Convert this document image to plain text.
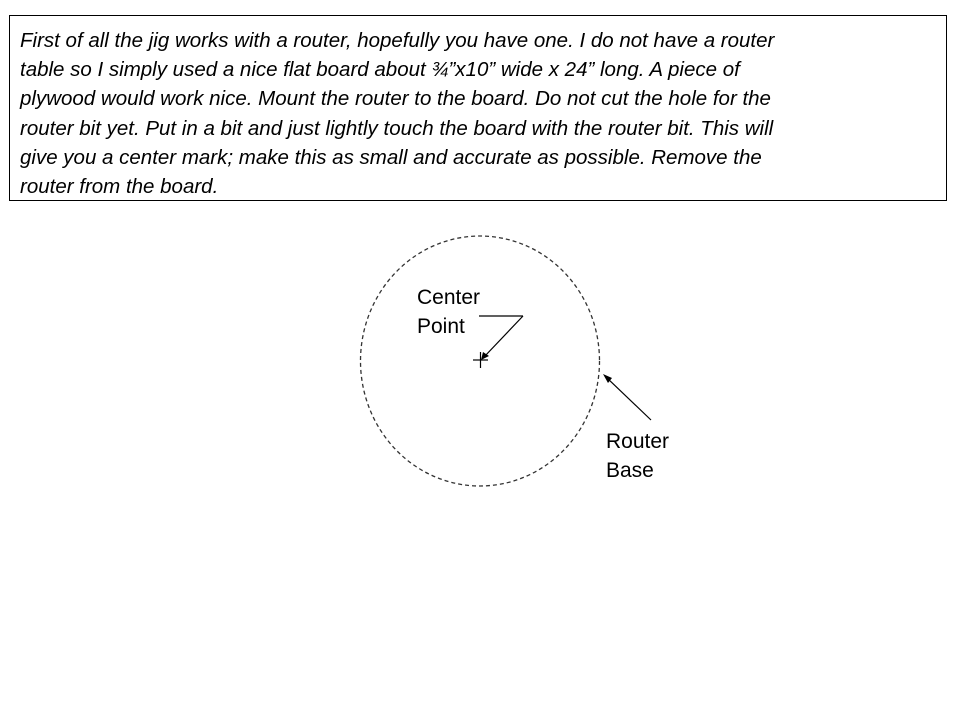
First of all the jig works with a router, hopefully you have one. I do not have a router
table so I simply used a nice flat board about ¾”x10” wide x 24” long. A piece of
plywood would work nice. Mount the router to the board. Do not cut the hole for the
router bit yet. Put in a bit and just lightly touch the board with the router bit. This will
give you a center mark; make this as small and accurate as possible. Remove the
router from the board.
Center
Point
Router
Base
